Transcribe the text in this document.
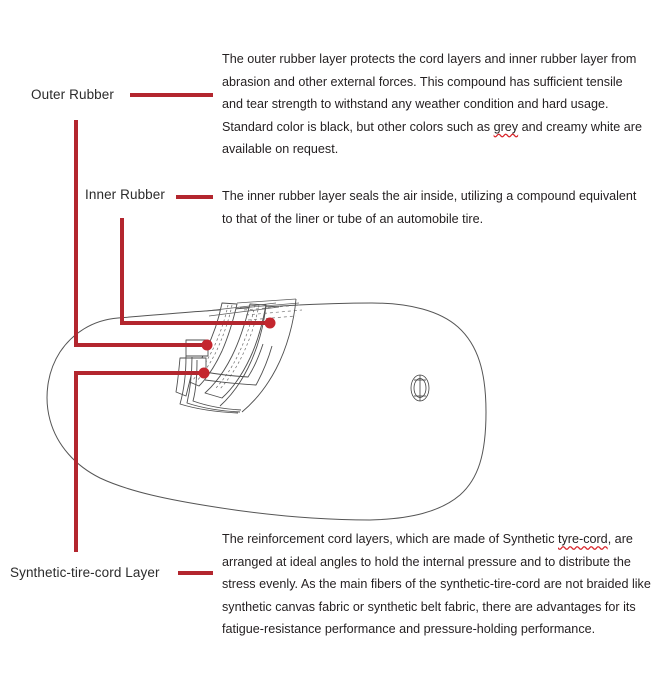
Outer Rubber
Inner Rubber
Synthetic-tire-cord Layer
The outer rubber layer protects the cord layers and inner rubber layer from abrasion and other external forces. This compound has sufficient tensile and tear strength to withstand any weather condition and hard usage. Standard color is black, but other colors such as grey and creamy white are available on request.
The inner rubber layer seals the air inside, utilizing a compound equivalent to that of the liner or tube of an automobile tire.
The reinforcement cord layers, which are made of Synthetic tyre-cord, are arranged at ideal angles to hold the internal pressure and to distribute the stress evenly. As the main fibers of the synthetic-tire-cord are not braided like synthetic canvas fabric or synthetic belt fabric, there are advantages for its fatigue-resistance performance and pressure-holding performance.
